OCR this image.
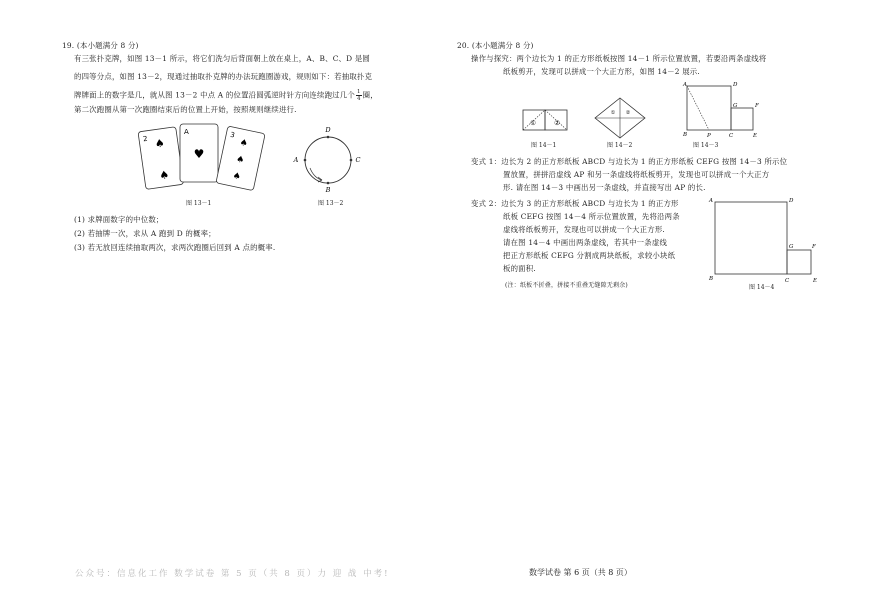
19. (本小题满分 8 分)
有三张扑克牌，如图 13－1 所示，将它们洗匀后背面朝上放在桌上，A、B、C、D 是圆
的四等分点，如图 13－2，现通过抽取扑克牌的办法玩跑圈游戏，规则如下：若抽取扑克
牌牌面上的数字是几，就从图 13－2 中点 A 的位置沿圆弧逆时针方向连续跑过几个 $\frac{1}{4}$ 圈，
第二次跑圈从第一次跑圈结束后的位置上开始，按照规则继续进行.
2 ♠
♠
A
♥
3
♠
♠
♠
图 13－1
D
A	C
B
图 13－2
(1) 求牌面数字的中位数；
(2) 若抽牌一次，求从 A 跑到 D 的概率；
(3) 若无放回连续抽取两次，求两次跑圈后回到 A 点的概率.
公众号：信息化工作 数学试卷 第 5 页（共 8 页）力 迎 战 中考!
20. (本小题满分 8 分)
操作与探究：两个边长为 1 的正方形纸板按图 14－1 所示位置放置，若要沿两条虚线将
纸板剪开，发现可以拼成一个大正方形，如图 14－2 展示.
①	②
图 14－1
① ②
图 14－2
A	D
B	P	C	E
G	F
图 14－3
变式 1：边长为 2 的正方形纸板 ABCD 与边长为 1 的正方形纸板 CEFG 按图 14－3 所示位
置放置，拼拼沿虚线 AP 和另一条虚线将纸板剪开，发现也可以拼成一个大正方
形. 请在图 14－3 中画出另一条虚线，并直接写出 AP 的长.
变式 2：边长为 3 的正方形纸板 ABCD 与边长为 1 的正方形
纸板 CEFG 按图 14－4 所示位置放置，先将沿两条
虚线将纸板剪开，发现也可以拼成一个大正方形.
请在图 14－4 中画出两条虚线，若其中一条虚线
把正方形纸板 CEFG 分割成两块纸板，求较小块纸
板的面积.
(注：纸板不折叠，拼接不重叠无缝隙无剩余)
A	D
B	C	E
G	F
图 14－4
数学试卷 第 6 页（共 8 页）
